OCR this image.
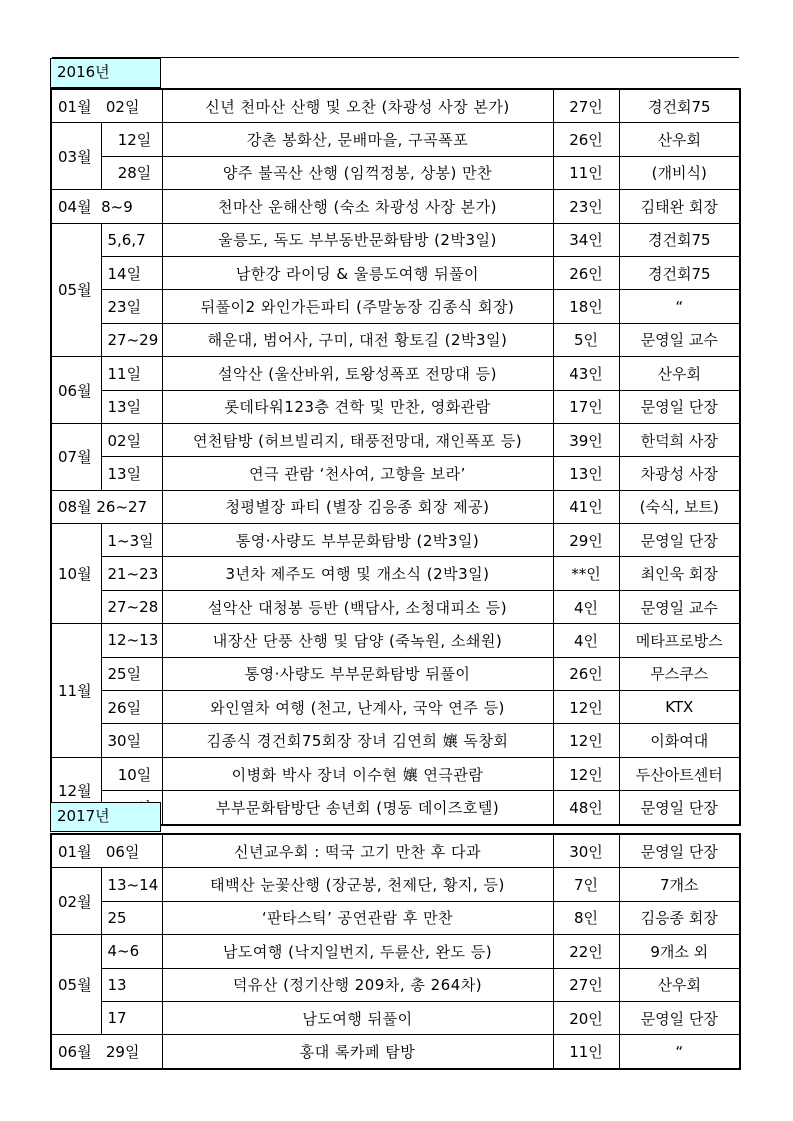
2016년
01월 02일		신년 천마산 산행 및 오찬 (차광성 사장 본가)	27인	경건회75
03월	12일	강촌 봉화산, 문배마을, 구곡폭포	26인	산우회
	28일	양주 불곡산 산행 (임꺽정봉, 상봉) 만찬	11인	(개비식)
04월 8~9		천마산 운해산행 (숙소 차광성 사장 본가)	23인	김태완 회장
05월	5,6,7	울릉도, 독도 부부동반문화탐방 (2박3일)	34인	경건회75
	14일	남한강 라이딩 & 울릉도여행 뒤풀이	26인	경건회75
	23일	뒤풀이2 와인가든파티 (주말농장 김종식 회장)	18인	“
	27~29	해운대, 범어사, 구미, 대전 황토길 (2박3일)	5인	문영일 교수
06월	11일	설악산 (울산바위, 토왕성폭포 전망대 등)	43인	산우회
	13일	롯데타워123층 견학 및 만찬, 영화관람	17인	문영일 단장
07월	02일	연천탐방 (허브빌리지, 태풍전망대, 재인폭포 등)	39인	한덕희 사장
	13일	연극 관람 ‘천사여, 고향을 보라’	13인	차광성 사장
08월 26~27		청평별장 파티 (별장 김응종 회장 제공)	41인	(숙식, 보트)
10월	1~3일	통영·사량도 부부문화탐방 (2박3일)	29인	문영일 단장
	21~23	3년차 제주도 여행 및 개소식 (2박3일)	**인	최인욱 회장
	27~28	설악산 대청봉 등반 (백담사, 소청대피소 등)	4인	문영일 교수
11월	12~13	내장산 단풍 산행 및 담양 (죽녹원, 소쇄원)	4인	메타프로방스
	25일	통영·사량도 부부문화탐방 뒤풀이	26인	무스쿠스
	26일	와인열차 여행 (천고, 난계사, 국악 연주 등)	12인	KTX
	30일	김종식 경건회75회장 장녀 김연희 孃 독창회	12인	이화여대
12월	10일	이병화 박사 장녀 이수현 孃 연극관람	12인	두산아트센터
	부부문화탐방단 송년회 (명동 데이즈호텔)	48인	문영일 단장
2017년
01월 06일		신년교우회 : 떡국 고기 만찬 후 다과	30인	문영일 단장
02월	13~14	태백산 눈꽃산행 (장군봉, 천제단, 황지, 등)	7인	7개소
	25	‘판타스틱’ 공연관람 후 만찬	8인	김응종 회장
05월	4~6	남도여행 (낙지일번지, 두륜산, 완도 등)	22인	9개소 외
	13	덕유산 (정기산행 209차, 총 264차)	27인	산우회
	17	남도여행 뒤풀이	20인	문영일 단장
06월 29일		홍대 록카페 탐방	11인	“
